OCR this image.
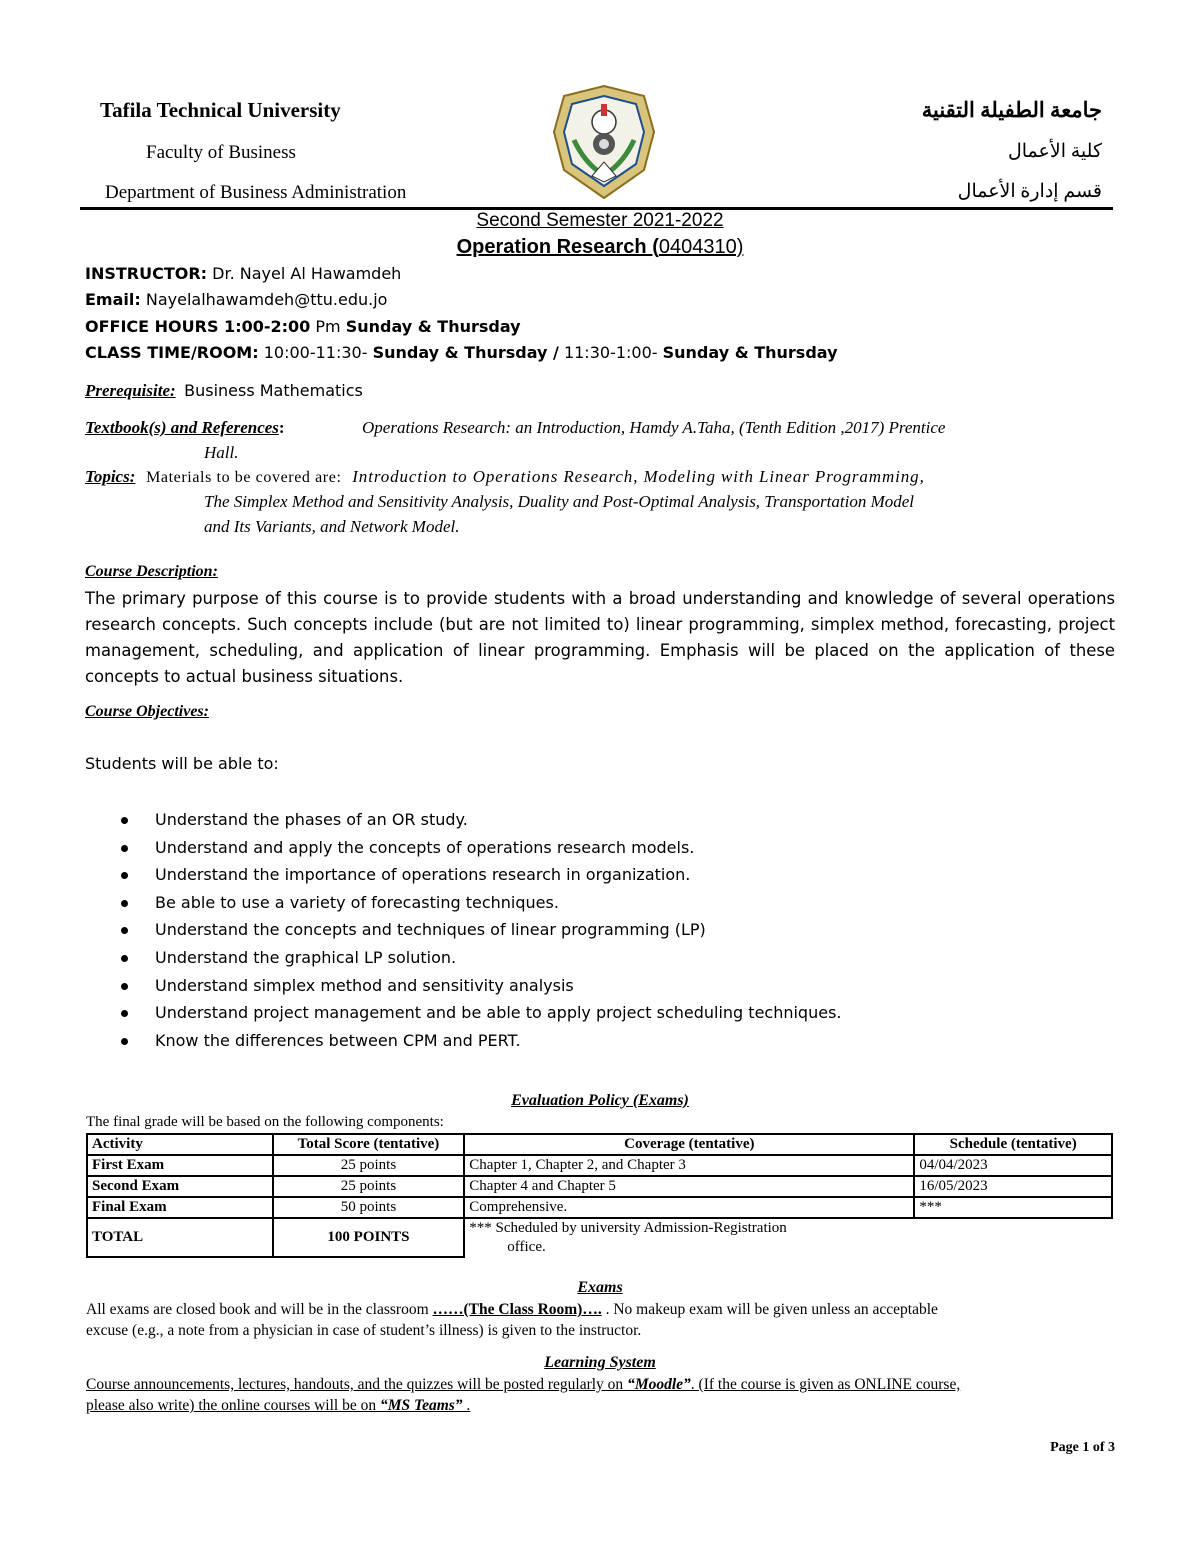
Tafila Technical University
Faculty of Business
Department of Business Administration
جامعة الطفيلة التقنية
كلية الأعمال
قسم إدارة الأعمال
Second Semester 2021-2022
Operation Research (0404310)
INSTRUCTOR: Dr. Nayel Al Hawamdeh
Email: Nayelalhawamdeh@ttu.edu.jo
OFFICE HOURS 1:00-2:00 Pm Sunday & Thursday
CLASS TIME/ROOM: 10:00-11:30- Sunday & Thursday / 11:30-1:00- Sunday & Thursday
Prerequisite: Business Mathematics
Textbook(s) and References:	Operations Research: an Introduction, Hamdy A.Taha, (Tenth Edition ,2017) Prentice
Hall.
Topics: Materials to be covered are: Introduction to Operations Research, Modeling with Linear Programming,
The Simplex Method and Sensitivity Analysis, Duality and Post-Optimal Analysis, Transportation Model
and Its Variants, and Network Model.
Course Description:
The primary purpose of this course is to provide students with a broad understanding and knowledge of several operations research concepts. Such concepts include (but are not limited to) linear programming, simplex method, forecasting, project management, scheduling, and application of linear programming. Emphasis will be placed on the application of these concepts to actual business situations.
Course Objectives:
Students will be able to:
Understand the phases of an OR study.
Understand and apply the concepts of operations research models.
Understand the importance of operations research in organization.
Be able to use a variety of forecasting techniques.
Understand the concepts and techniques of linear programming (LP)
Understand the graphical LP solution.
Understand simplex method and sensitivity analysis
Understand project management and be able to apply project scheduling techniques.
Know the differences between CPM and PERT.
Evaluation Policy (Exams)
The final grade will be based on the following components:
Activity	Total Score (tentative)	Coverage (tentative)	Schedule (tentative)
First Exam	25 points	Chapter 1, Chapter 2, and Chapter 3	04/04/2023
Second Exam	25 points	Chapter 4 and Chapter 5	16/05/2023
Final Exam	50 points	Comprehensive.	***
TOTAL	100 POINTS	*** Scheduled by university Admission-Registration
office.	

Exams
All exams are closed book and will be in the classroom ……(The Class Room)…. . No makeup exam will be given unless an acceptable
excuse (e.g., a note from a physician in case of student’s illness) is given to the instructor.
Learning System
Course announcements, lectures, handouts, and the quizzes will be posted regularly on “Moodle”. (If the course is given as ONLINE course,
please also write) the online courses will be on “MS Teams” .
Page 1 of 3
